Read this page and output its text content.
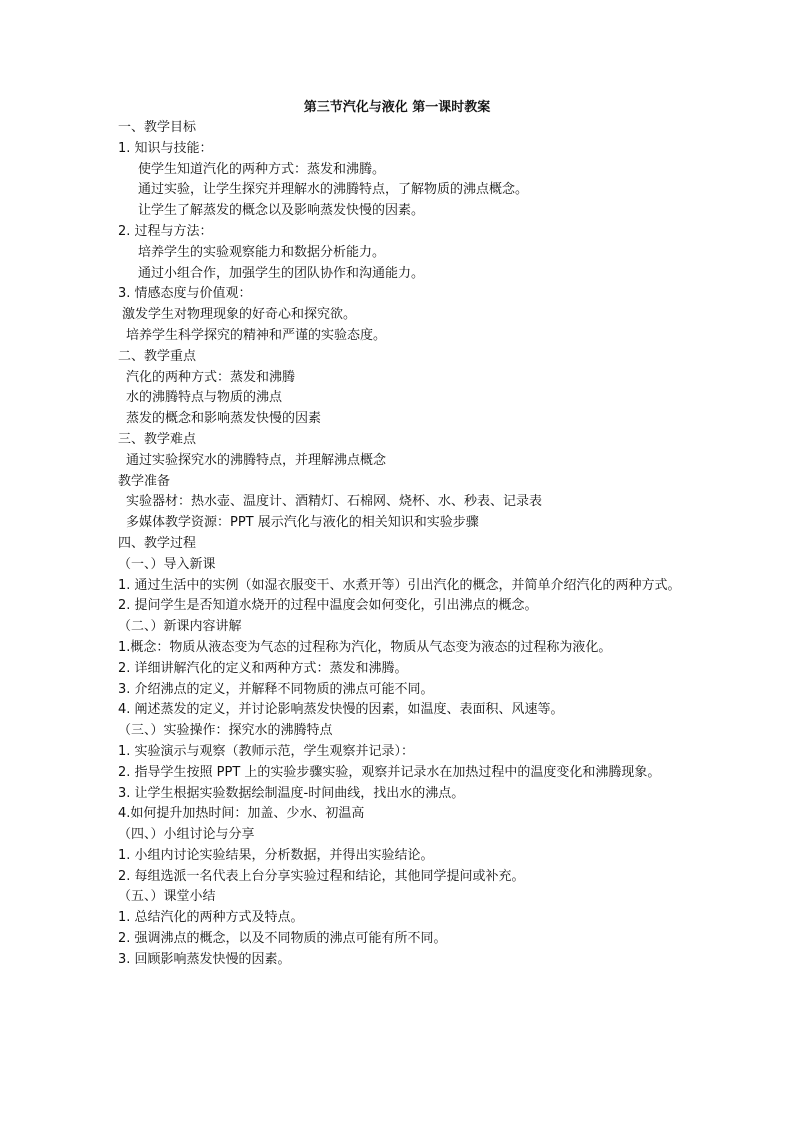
第三节汽化与液化 第一课时教案
一、教学目标
1. 知识与技能：
使学生知道汽化的两种方式：蒸发和沸腾。
通过实验，让学生探究并理解水的沸腾特点，了解物质的沸点概念。
让学生了解蒸发的概念以及影响蒸发快慢的因素。
2. 过程与方法：
培养学生的实验观察能力和数据分析能力。
通过小组合作，加强学生的团队协作和沟通能力。
3. 情感态度与价值观：
激发学生对物理现象的好奇心和探究欲。
培养学生科学探究的精神和严谨的实验态度。
二、教学重点
汽化的两种方式：蒸发和沸腾
水的沸腾特点与物质的沸点
蒸发的概念和影响蒸发快慢的因素
三、教学难点
通过实验探究水的沸腾特点，并理解沸点概念
教学准备
实验器材：热水壶、温度计、酒精灯、石棉网、烧杯、水、秒表、记录表
多媒体教学资源：PPT 展示汽化与液化的相关知识和实验步骤
四、教学过程
（一、）导入新课
1. 通过生活中的实例（如湿衣服变干、水煮开等）引出汽化的概念，并简单介绍汽化的两种方式。
2. 提问学生是否知道水烧开的过程中温度会如何变化，引出沸点的概念。
（二、）新课内容讲解
1.概念：物质从液态变为气态的过程称为汽化，物质从气态变为液态的过程称为液化。
2. 详细讲解汽化的定义和两种方式：蒸发和沸腾。
3. 介绍沸点的定义，并解释不同物质的沸点可能不同。
4. 阐述蒸发的定义，并讨论影响蒸发快慢的因素，如温度、表面积、风速等。
（三、）实验操作：探究水的沸腾特点
1. 实验演示与观察（教师示范，学生观察并记录）：
2. 指导学生按照 PPT 上的实验步骤实验，观察并记录水在加热过程中的温度变化和沸腾现象。
3. 让学生根据实验数据绘制温度-时间曲线，找出水的沸点。
4.如何提升加热时间：加盖、少水、初温高
（四、）小组讨论与分享
1. 小组内讨论实验结果，分析数据，并得出实验结论。
2. 每组选派一名代表上台分享实验过程和结论，其他同学提问或补充。
（五、）课堂小结
1. 总结汽化的两种方式及特点。
2. 强调沸点的概念，以及不同物质的沸点可能有所不同。
3. 回顾影响蒸发快慢的因素。
